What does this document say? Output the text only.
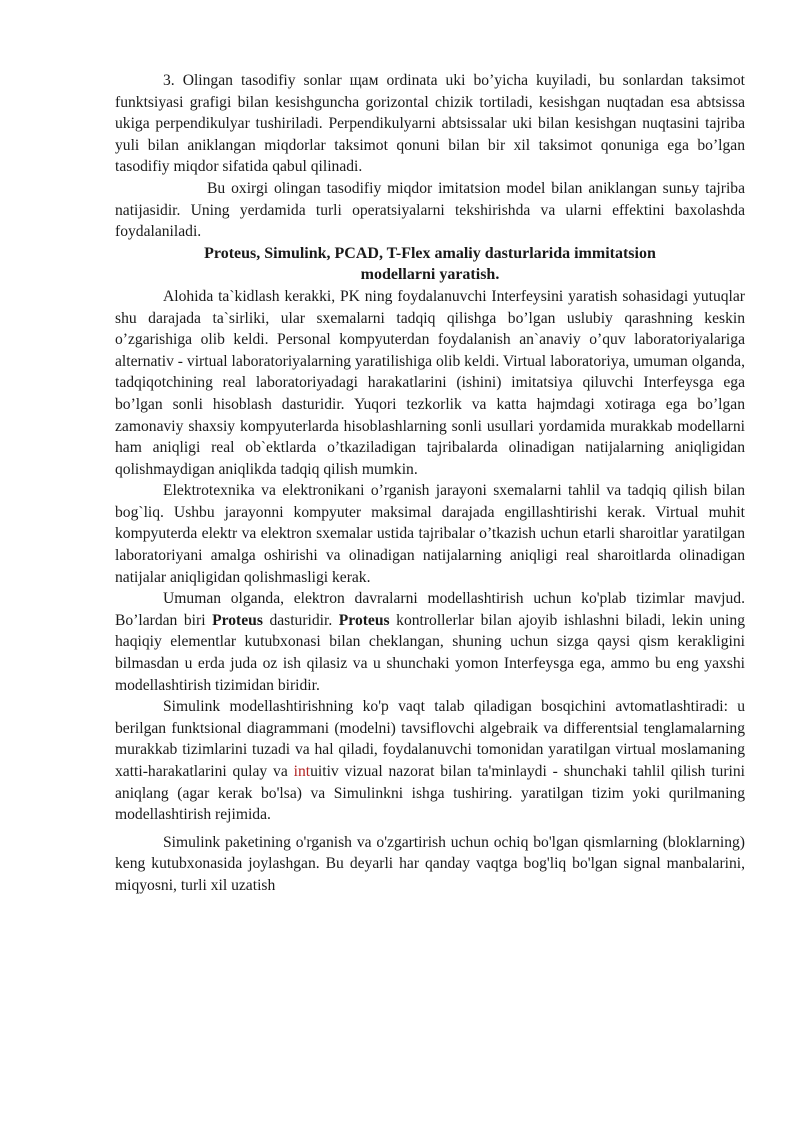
3. Olingan tasodifiy sonlar щам ordinata uki bo’yicha kuyiladi, bu sonlardan taksimot funktsiyasi grafigi bilan kesishguncha gorizontal chizik tortiladi, kesishgan nuqtadan esa abtsissa ukiga perpendikulyar tushiriladi. Perpendikulyarni abtsissalar uki bilan kesishgan nuqtasini tajriba yuli bilan aniklangan miqdorlar taksimot qonuni bilan bir xil taksimot qonuniga ega bo’lgan tasodifiy miqdor sifatida qabul qilinadi.

Bu oxirgi olingan tasodifiy miqdor imitatsion model bilan aniklangan sunьy tajriba natijasidir. Uning yerdamida turli operatsiyalarni tekshirishda va ularni effektini baxolashda foydalaniladi.

Proteus, Simulink, PCAD, T-Flex amaliy dasturlarida immitatsion
modellarni yaratish.

Alohida ta`kidlash kerakki, PK ning foydalanuvchi Interfeysini yaratish sohasidagi yutuqlar shu darajada ta`sirliki, ular sxemalarni tadqiq qilishga bo’lgan uslubiy qarashning keskin o’zgarishiga olib keldi. Personal kompyuterdan foydalanish an`anaviy o’quv laboratoriyalariga alternativ - virtual laboratoriyalarning yaratilishiga olib keldi. Virtual laboratoriya, umuman olganda, tadqiqotchining real laboratoriyadagi harakatlarini (ishini) imitatsiya qiluvchi Interfeysga ega bo’lgan sonli hisoblash dasturidir. Yuqori tezkorlik va katta hajmdagi xotiraga ega bo’lgan zamonaviy shaxsiy kompyuterlarda hisoblashlarning sonli usullari yordamida murakkab modellarni ham aniqligi real ob`ektlarda o’tkaziladigan tajribalarda olinadigan natijalarning aniqligidan qolishmaydigan aniqlikda tadqiq qilish mumkin.

Elektrotexnika va elektronikani o’rganish jarayoni sxemalarni tahlil va tadqiq qilish bilan bog`liq. Ushbu jarayonni kompyuter maksimal darajada engillashtirishi kerak. Virtual muhit kompyuterda elektr va elektron sxemalar ustida tajribalar o’tkazish uchun etarli sharoitlar yaratilgan laboratoriyani amalga oshirishi va olinadigan natijalarning aniqligi real sharoitlarda olinadigan natijalar aniqligidan qolishmasligi kerak.

Umuman olganda, elektron davralarni modellashtirish uchun ko'plab tizimlar mavjud. Bo’lardan biri Proteus dasturidir. Proteus kontrollerlar bilan ajoyib ishlashni biladi, lekin uning haqiqiy elementlar kutubxonasi bilan cheklangan, shuning uchun sizga qaysi qism kerakligini bilmasdan u erda juda oz ish qilasiz va u shunchaki yomon Interfeysga ega, ammo bu eng yaxshi modellashtirish tizimidan biridir.

Simulink modellashtirishning ko'p vaqt talab qiladigan bosqichini avtomatlashtiradi: u berilgan funktsional diagrammani (modelni) tavsiflovchi algebraik va differentsial tenglamalarning murakkab tizimlarini tuzadi va hal qiladi, foydalanuvchi tomonidan yaratilgan virtual moslamaning xatti-harakatlarini qulay va intuitiv vizual nazorat bilan ta'minlaydi - shunchaki tahlil qilish turini aniqlang (agar kerak bo'lsa) va Simulinkni ishga tushiring. yaratilgan tizim yoki qurilmaning modellashtirish rejimida.

Simulink paketining o'rganish va o'zgartirish uchun ochiq bo'lgan qismlarning (bloklarning) keng kutubxonasida joylashgan. Bu deyarli har qanday vaqtga bog'liq bo'lgan signal manbalarini, miqyosni, turli xil uzatish
